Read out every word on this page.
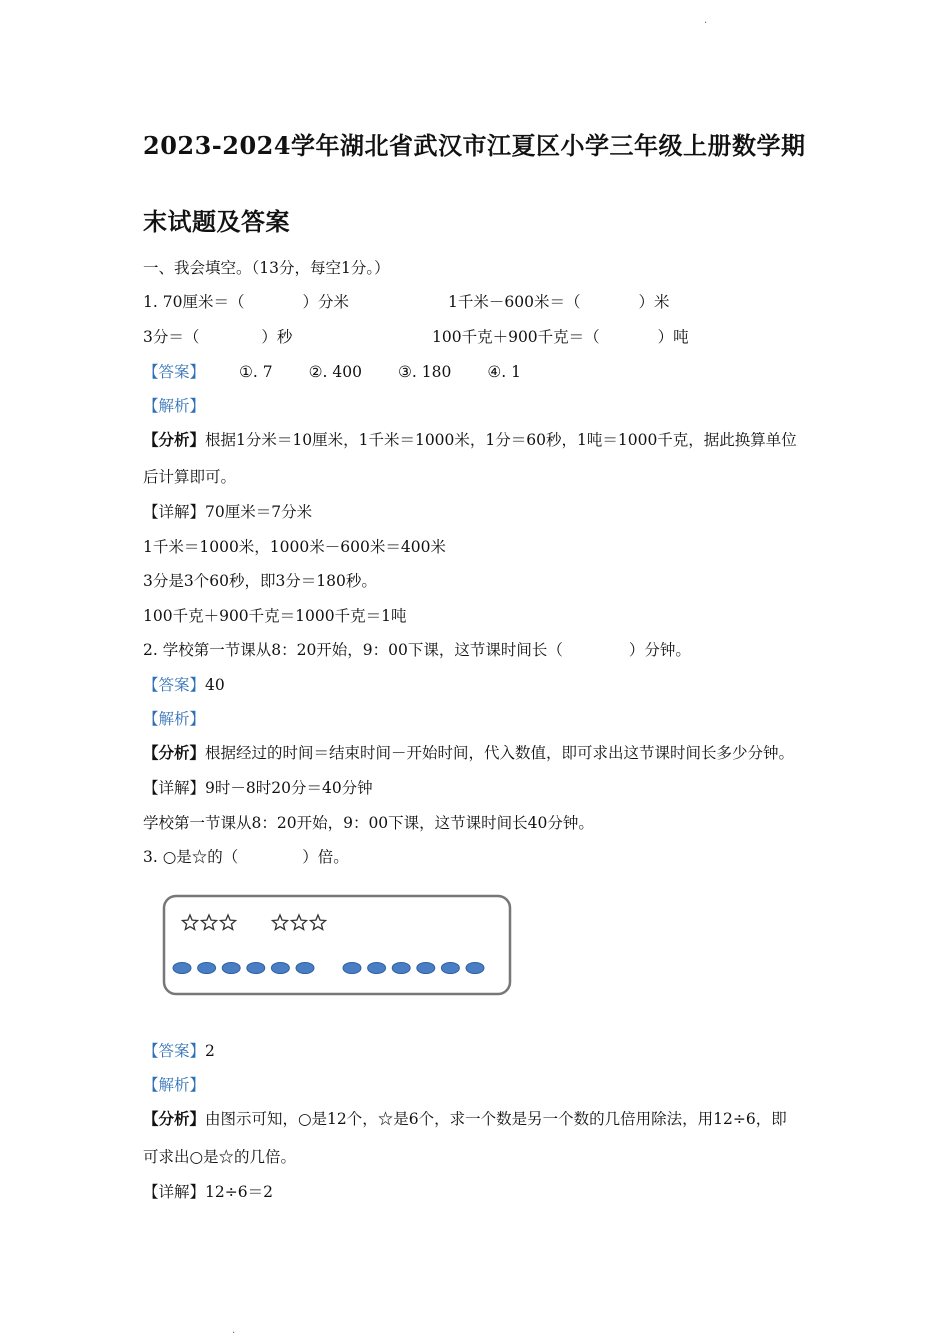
·
2023-2024学年湖北省武汉市江夏区小学三年级上册数学期
末试题及答案
一、我会填空。（13分，每空1分。）
1. 70厘米＝（	）分米	1千米－600米＝（	）米
3分＝（	）秒	100千克＋900千克＝（	）吨
【答案】 ①. 7 ②. 400 ③. 180 ④. 1
【解析】
【分析】根据1分米＝10厘米，1千米＝1000米，1分＝60秒，1吨＝1000千克，据此换算单位
后计算即可。
【详解】70厘米＝7分米
1千米＝1000米，1000米－600米＝400米
3分是3个60秒，即3分＝180秒。
100千克＋900千克＝1000千克＝1吨
2. 学校第一节课从8：20开始，9：00下课，这节课时间长（	）分钟。
【答案】40
【解析】
【分析】根据经过的时间＝结束时间－开始时间，代入数值，即可求出这节课时间长多少分钟。
【详解】9时－8时20分＝40分钟
学校第一节课从8：20开始，9：00下课，这节课时间长40分钟。
3. ○是☆的（	）倍。
【答案】2
【解析】
【分析】由图示可知，○是12个，☆是6个，求一个数是另一个数的几倍用除法，用12÷6，即
可求出○是☆的几倍。
【详解】12÷6＝2
·
